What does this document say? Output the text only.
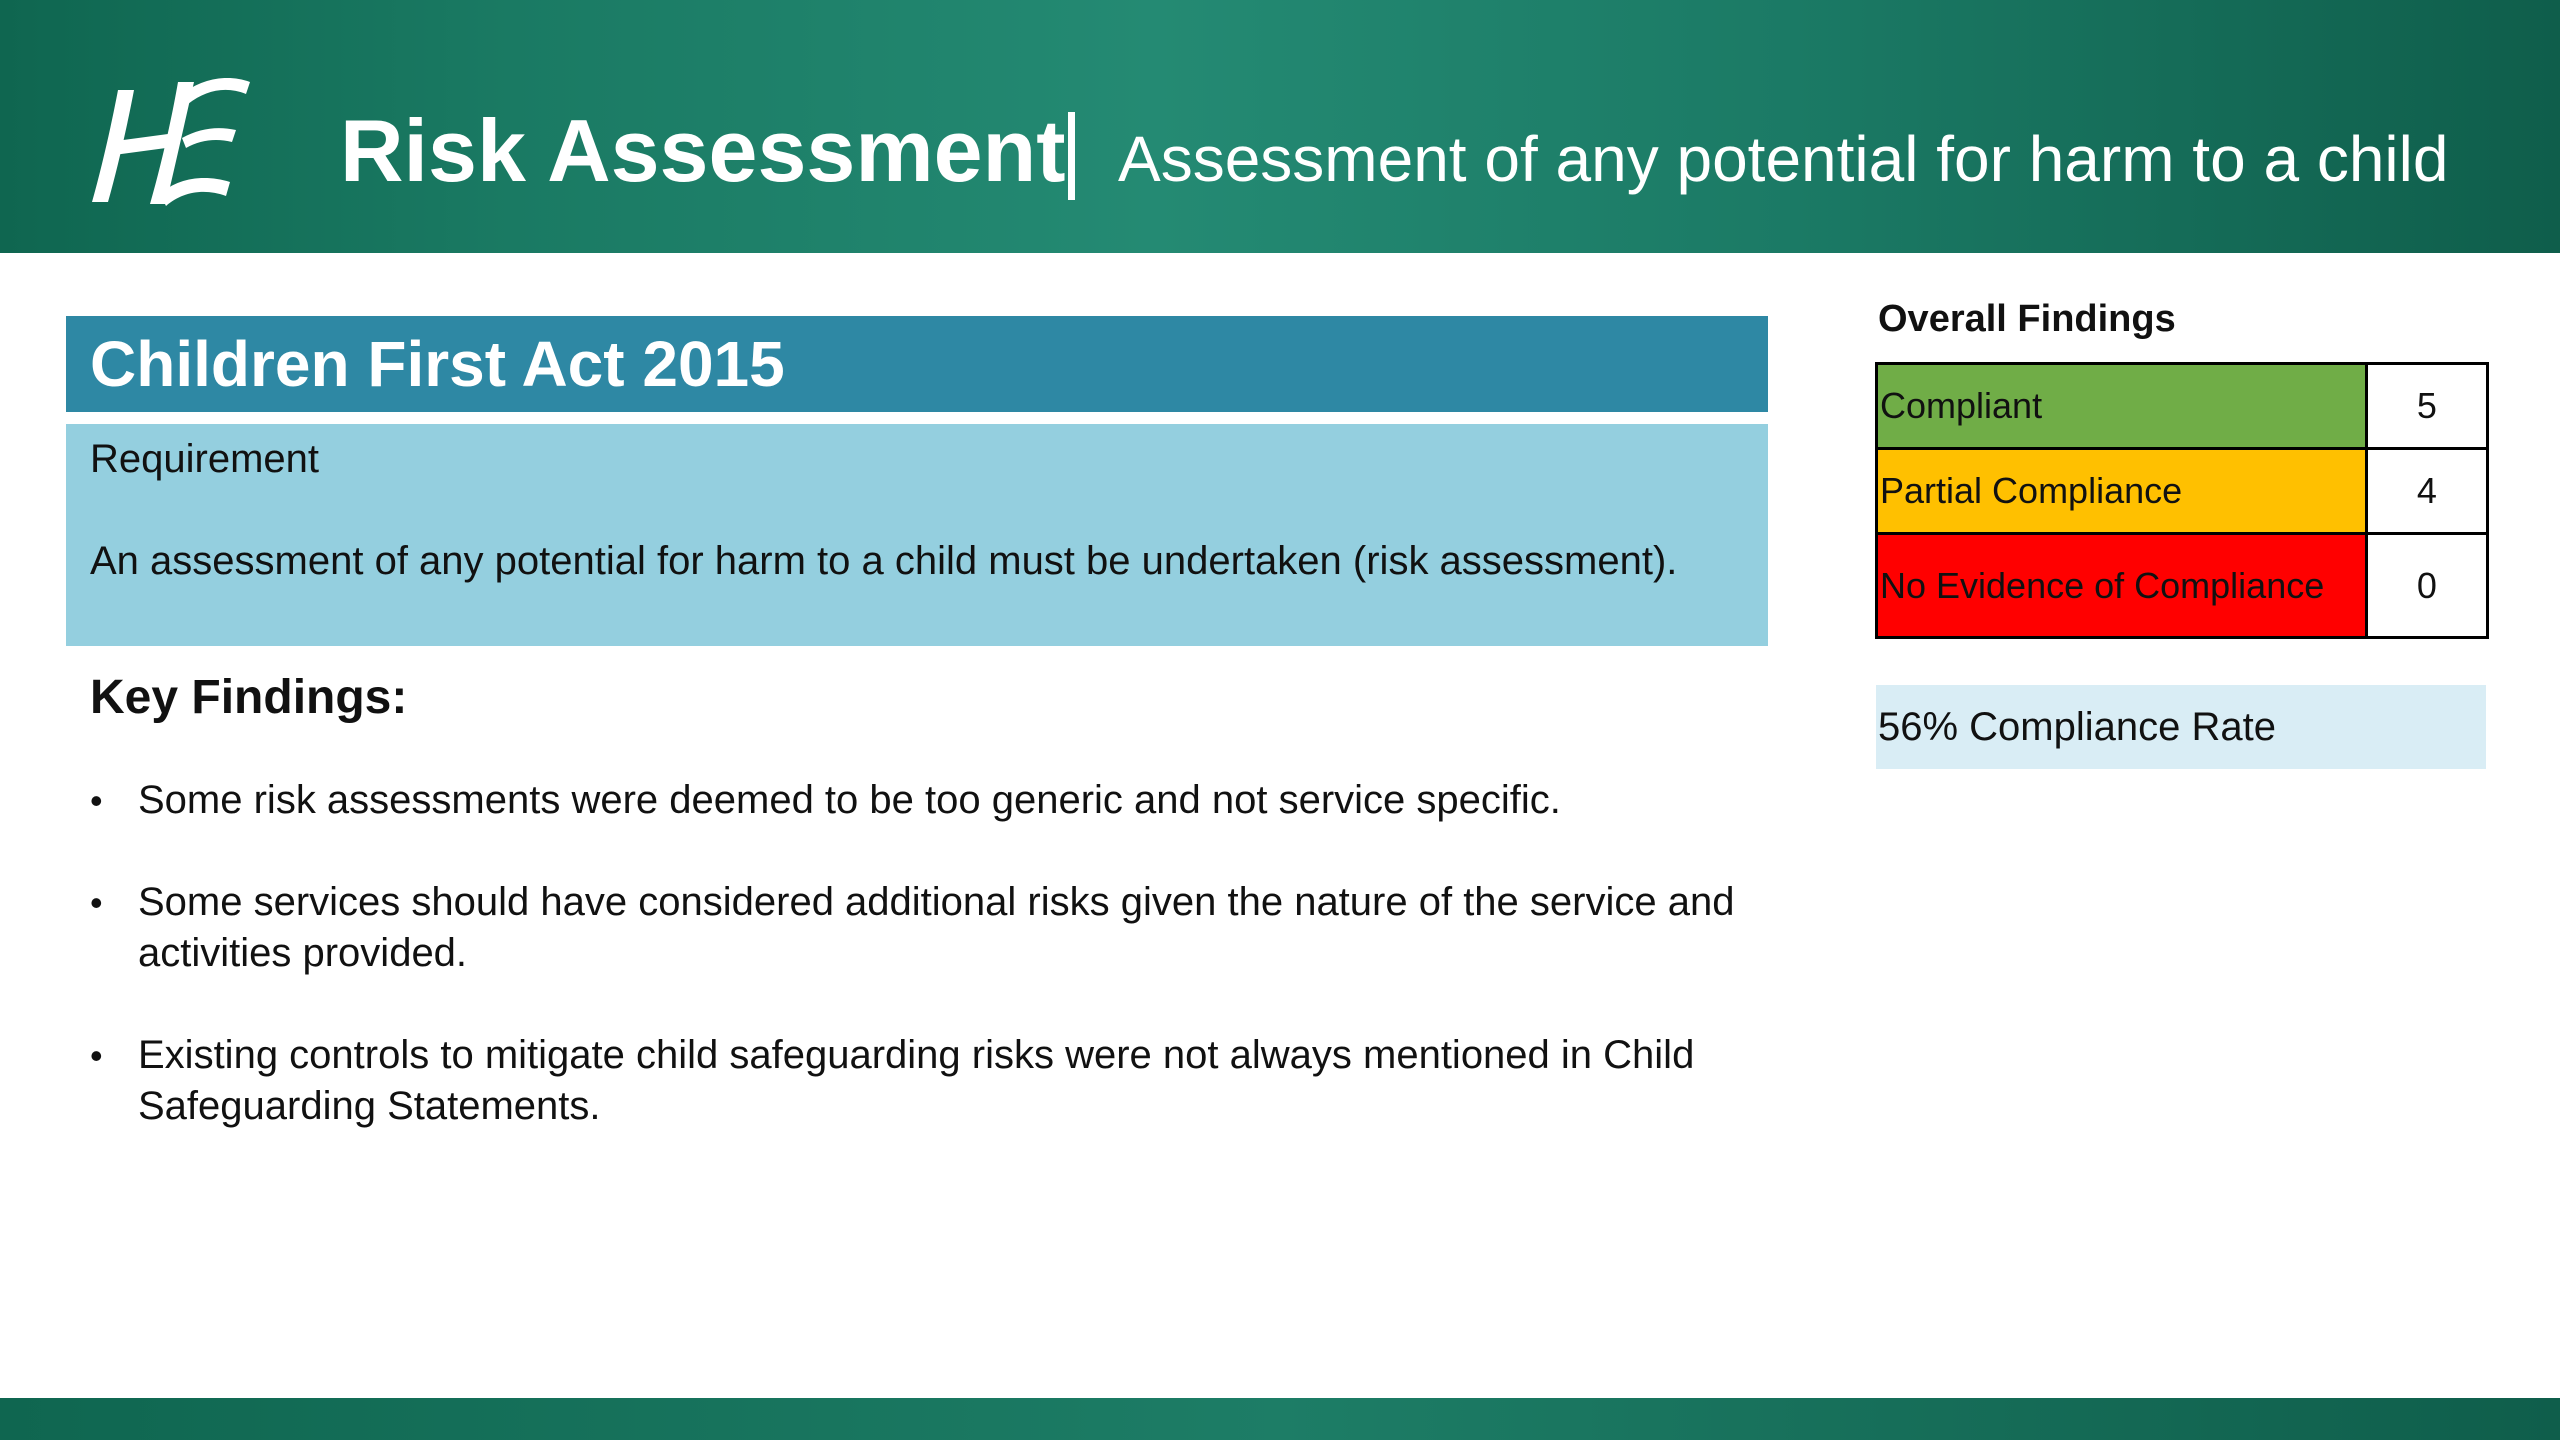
Risk Assessment Assessment of any potential for harm to a child
Children First Act 2015
Requirement
An assessment of any potential for harm to a child must be undertaken (risk assessment).
Key Findings:
• Some risk assessments were deemed to be too generic and not service specific.
• Some services should have considered additional risks given the nature of the service and activities provided.
• Existing controls to mitigate child safeguarding risks were not always mentioned in Child Safeguarding Statements.
Overall Findings
Compliant	5
Partial Compliance	4
No Evidence of Compliance	0
56% Compliance Rate
